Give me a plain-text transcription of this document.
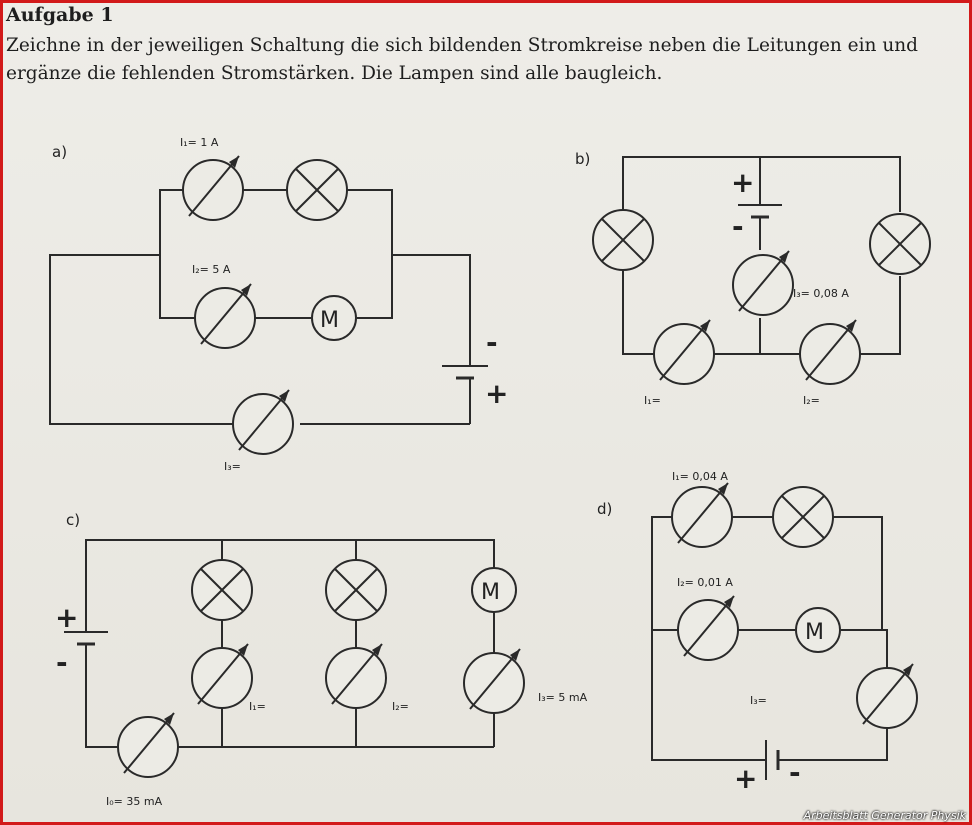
Aufgabe 1

Zeichne in der jeweiligen Schaltung die sich bildenden Stromkreise neben die Leitungen ein und ergänze die fehlenden Stromstärken. Die Lampen sind alle baugleich.

a)
I₁= 1 A
I₂= 5 A
I₃=
M
-
+
b)
+
-
I₃= 0,08 A
I₁=	I₂=
c)
+
-
M
I₁=	I₂=
I₃= 5 mA
I₀= 35 mA
d)
I₁= 0,04 A
I₂= 0,01 A
M
I₃=
+ -
Arbeitsblatt Generator Physik
